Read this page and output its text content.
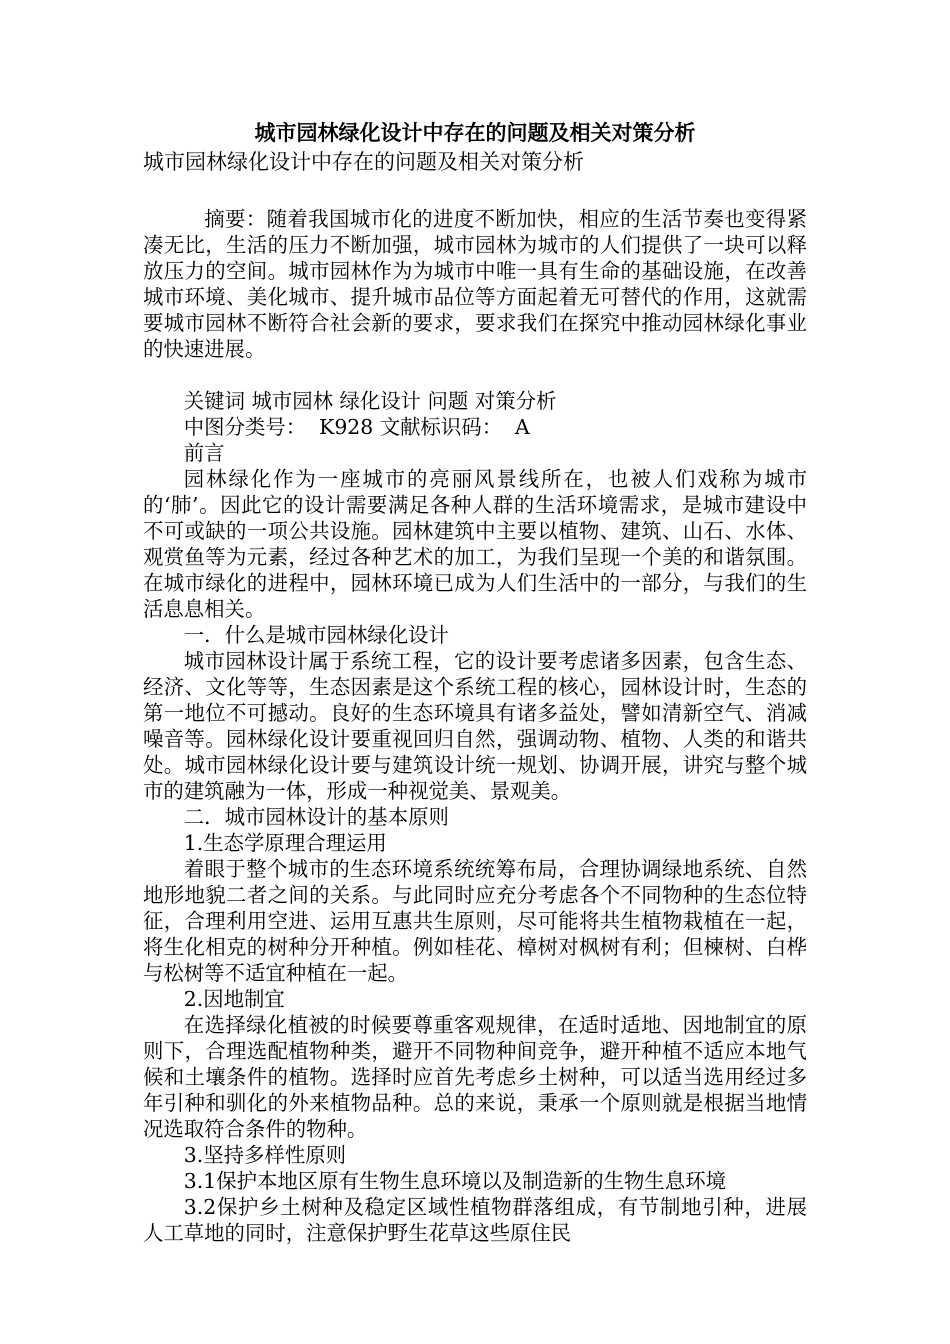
城市园林绿化设计中存在的问题及相关对策分析

城市园林绿化设计中存在的问题及相关对策分析

摘要：随着我国城市化的进度不断加快，相应的生活节奏也变得紧凑无比，生活的压力不断加强，城市园林为城市的人们提供了一块可以释放压力的空间。城市园林作为为城市中唯一具有生命的基础设施，在改善城市环境、美化城市、提升城市品位等方面起着无可替代的作用，这就需要城市园林不断符合社会新的要求，要求我们在探究中推动园林绿化事业的快速进展。

关键词 城市园林 绿化设计 问题 对策分析

中图分类号：  K928 文献标识码：  A

前言

园林绿化作为一座城市的亮丽风景线所在，也被人们戏称为城市的‘肺’。因此它的设计需要满足各种人群的生活环境需求，是城市建设中不可或缺的一项公共设施。园林建筑中主要以植物、建筑、山石、水体、观赏鱼等为元素，经过各种艺术的加工，为我们呈现一个美的和谐氛围。在城市绿化的进程中，园林环境已成为人们生活中的一部分，与我们的生活息息相关。

一．什么是城市园林绿化设计

城市园林设计属于系统工程，它的设计要考虑诸多因素，包含生态、经济、文化等等，生态因素是这个系统工程的核心，园林设计时，生态的第一地位不可撼动。良好的生态环境具有诸多益处，譬如清新空气、消减噪音等。园林绿化设计要重视回归自然，强调动物、植物、人类的和谐共处。城市园林绿化设计要与建筑设计统一规划、协调开展，讲究与整个城市的建筑融为一体，形成一种视觉美、景观美。

二．城市园林设计的基本原则

1.生态学原理合理运用

着眼于整个城市的生态环境系统统筹布局，合理协调绿地系统、自然地形地貌二者之间的关系。与此同时应充分考虑各个不同物种的生态位特征，合理利用空进、运用互惠共生原则，尽可能将共生植物栽植在一起，将生化相克的树种分开种植。例如桂花、樟树对枫树有利；但楝树、白桦与松树等不适宜种植在一起。

2.因地制宜

在选择绿化植被的时候要尊重客观规律，在适时适地、因地制宜的原则下，合理选配植物种类，避开不同物种间竞争，避开种植不适应本地气候和土壤条件的植物。选择时应首先考虑乡土树种，可以适当选用经过多年引种和驯化的外来植物品种。总的来说，秉承一个原则就是根据当地情况选取符合条件的物种。

3.坚持多样性原则

3.1保护本地区原有生物生息环境以及制造新的生物生息环境

3.2保护乡土树种及稳定区域性植物群落组成，有节制地引种，进展人工草地的同时，注意保护野生花草这些原住民
